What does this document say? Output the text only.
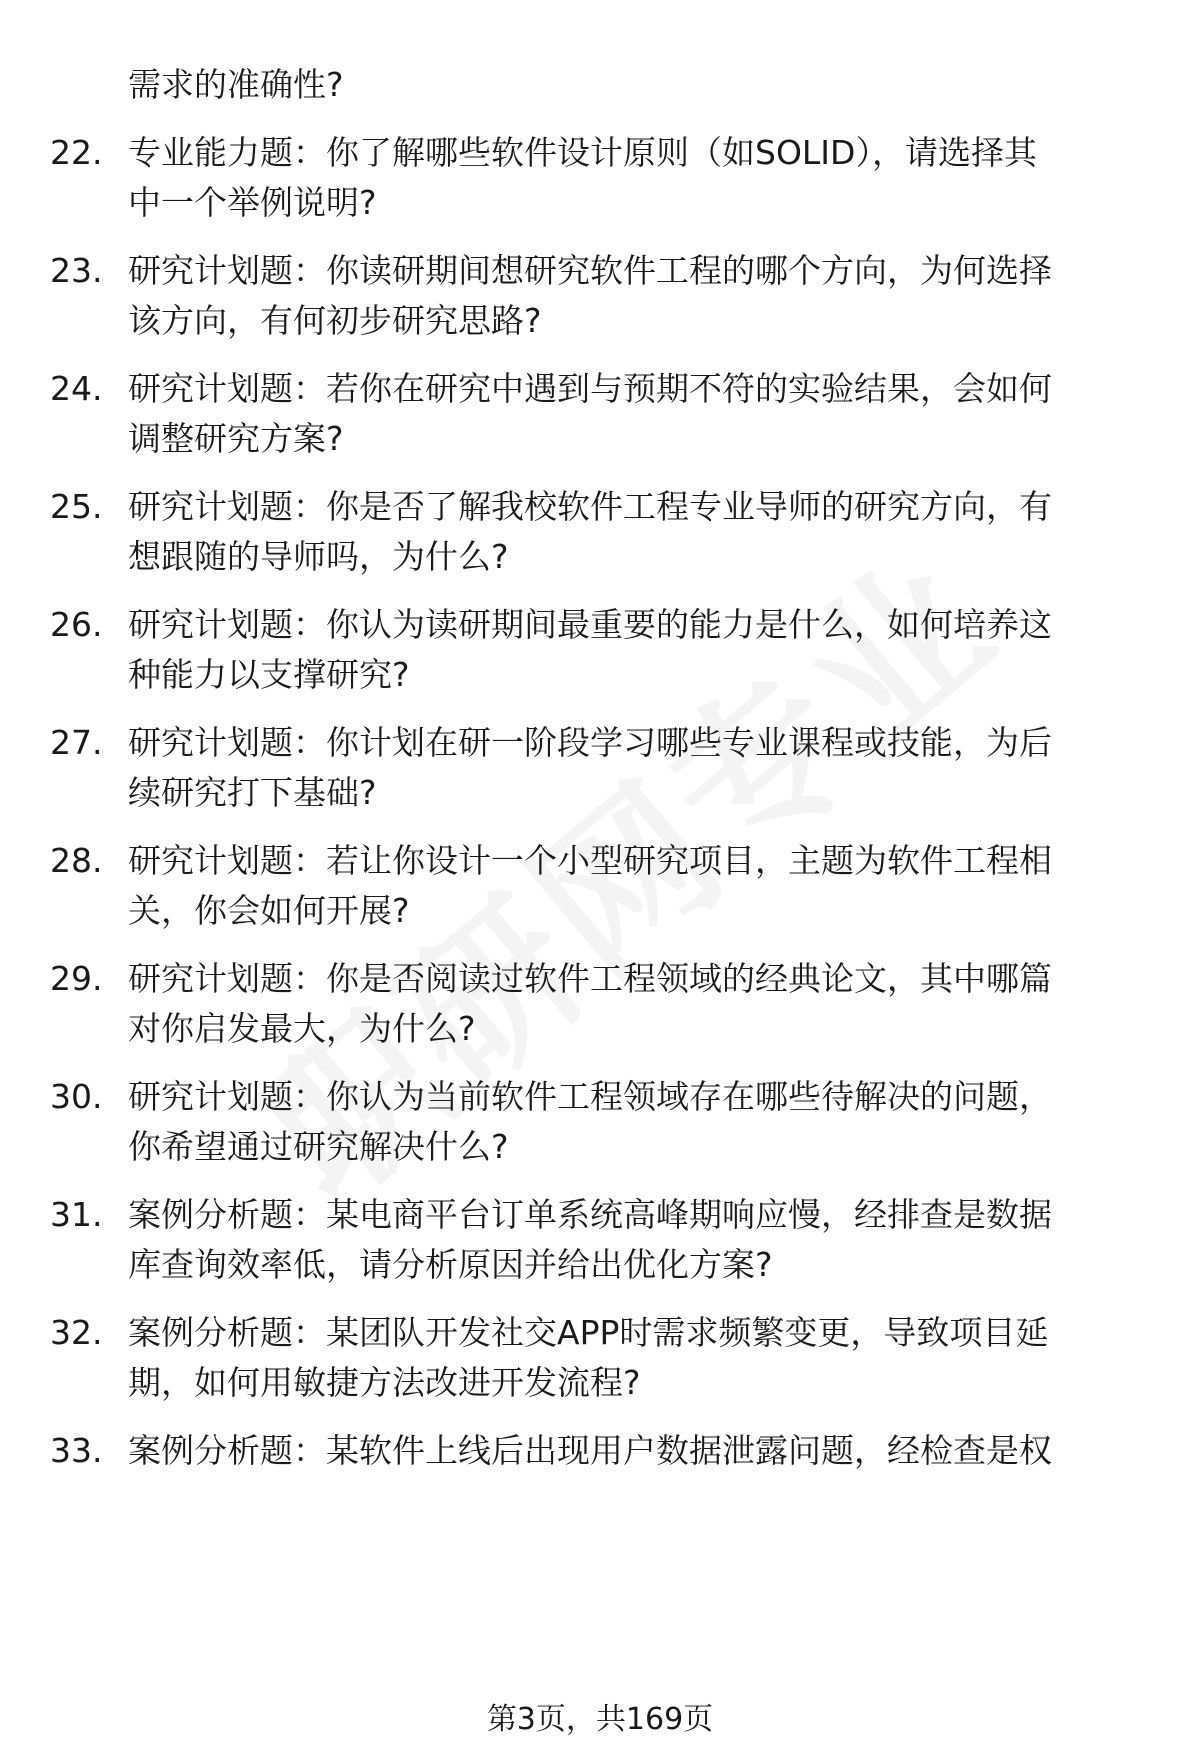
需求的准确性?
22. 专业能力题：你了解哪些软件设计原则（如SOLID），请选择其
中一个举例说明?
23. 研究计划题：你读研期间想研究软件工程的哪个方向，为何选择
该方向，有何初步研究思路?
24. 研究计划题：若你在研究中遇到与预期不符的实验结果，会如何
调整研究方案?
25. 研究计划题：你是否了解我校软件工程专业导师的研究方向，有
想跟随的导师吗，为什么?
26. 研究计划题：你认为读研期间最重要的能力是什么，如何培养这
种能力以支撑研究?
27. 研究计划题：你计划在研一阶段学习哪些专业课程或技能，为后
续研究打下基础?
28. 研究计划题：若让你设计一个小型研究项目，主题为软件工程相
关，你会如何开展?
29. 研究计划题：你是否阅读过软件工程领域的经典论文，其中哪篇
对你启发最大，为什么?
30. 研究计划题：你认为当前软件工程领域存在哪些待解决的问题，
你希望通过研究解决什么?
31. 案例分析题：某电商平台订单系统高峰期响应慢，经排查是数据
库查询效率低，请分析原因并给出优化方案?
32. 案例分析题：某团队开发社交APP时需求频繁变更，导致项目延
期，如何用敏捷方法改进开发流程?
33. 案例分析题：某软件上线后出现用户数据泄露问题，经检查是权
第3页，共169页
